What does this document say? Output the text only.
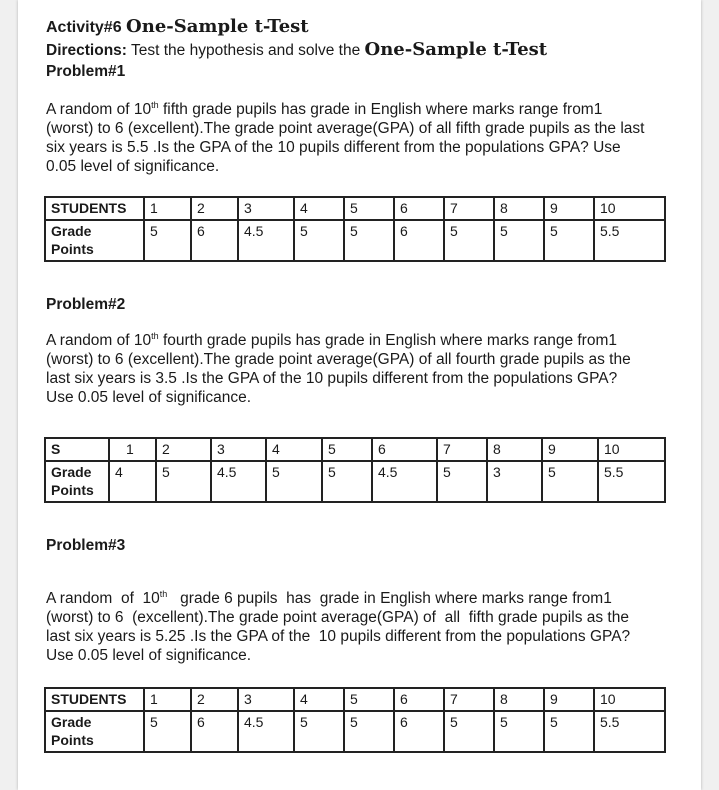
Activity#6 One-Sample t-Test
Directions: Test the hypothesis and solve the One-Sample t-Test
Problem#1

A random of 10th fifth grade pupils has grade in English where marks range from1
(worst) to 6 (excellent).The grade point average(GPA) of all fifth grade pupils as the last
six years is 5.5 .Is the GPA of the 10 pupils different from the populations GPA? Use
0.05 level of significance.

STUDENTS	1	2	3	4	5	6	7	8	9	10
Grade
Points	5	6	4.5	5	5	6	5	5	5	5.5
Problem#2

A random of 10th fourth grade pupils has grade in English where marks range from1
(worst) to 6 (excellent).The grade point average(GPA) of all fourth grade pupils as the
last six years is 3.5 .Is the GPA of the 10 pupils different from the populations GPA?
Use 0.05 level of significance.

S	1	2	3	4	5	6	7	8	9	10
Grade
Points	4	5	4.5	5	5	4.5	5	3	5	5.5
Problem#3

A random  of  10th   grade 6 pupils  has  grade in English where marks range from1
(worst) to 6  (excellent).The grade point average(GPA) of  all  fifth grade pupils as the
last six years is 5.25 .Is the GPA of the  10 pupils different from the populations GPA?
Use 0.05 level of significance.

STUDENTS	1	2	3	4	5	6	7	8	9	10
Grade
Points	5	6	4.5	5	5	6	5	5	5	5.5
